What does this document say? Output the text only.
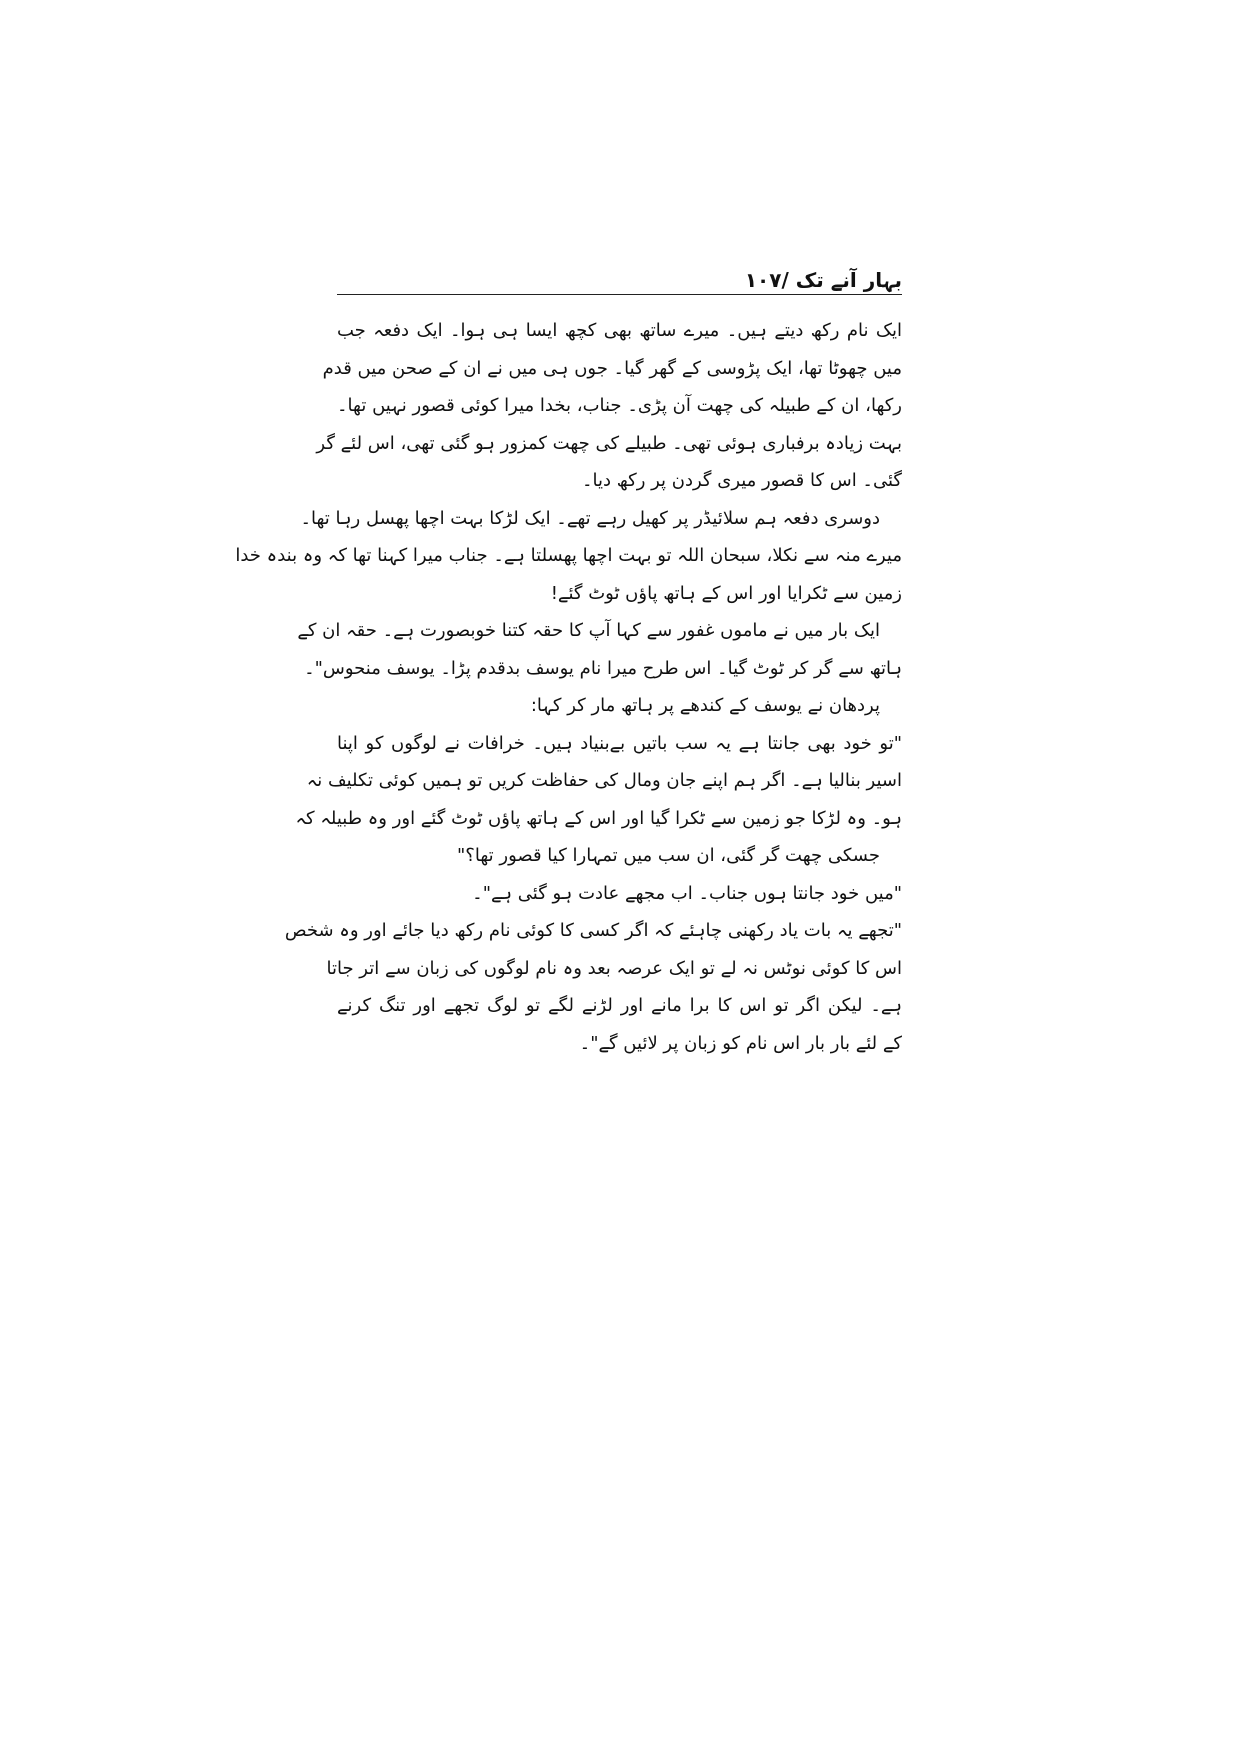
بہار آنے تک /۱۰۷
ایک نام رکھ دیتے ہیں۔ میرے ساتھ بھی کچھ ایسا ہی ہوا۔ ایک دفعہ جب
میں چھوٹا تھا، ایک پڑوسی کے گھر گیا۔ جوں ہی میں نے ان کے صحن میں قدم
رکھا، ان کے طبیلہ کی چھت آن پڑی۔ جناب، بخدا میرا کوئی قصور نہیں تھا۔
بہت زیادہ برفباری ہوئی تھی۔ طبیلے کی چھت کمزور ہو گئی تھی، اس لئے گر
گئی۔ اس کا قصور میری گردن پر رکھ دیا۔
دوسری دفعہ ہم سلائیڈر پر کھیل رہے تھے۔ ایک لڑکا بہت اچھا پھسل رہا تھا۔
میرے منہ سے نکلا، سبحان اللہ تو بہت اچھا پھسلتا ہے۔ جناب میرا کہنا تھا کہ وہ بندہ خدا
زمین سے ٹکرایا اور اس کے ہاتھ پاؤں ٹوٹ گئے!
ایک بار میں نے ماموں غفور سے کہا آپ کا حقہ کتنا خوبصورت ہے۔ حقہ ان کے
ہاتھ سے گر کر ٹوٹ گیا۔ اس طرح میرا نام یوسف بدقدم پڑا۔ یوسف منحوس"۔
پردھان نے یوسف کے کندھے پر ہاتھ مار کر کہا:
"تو خود بھی جانتا ہے یہ سب باتیں بےبنیاد ہیں۔ خرافات نے لوگوں کو اپنا
اسیر بنالیا ہے۔ اگر ہم اپنے جان ومال کی حفاظت کریں تو ہمیں کوئی تکلیف نہ
ہو۔ وہ لڑکا جو زمین سے ٹکرا گیا اور اس کے ہاتھ پاؤں ٹوٹ گئے اور وہ طبیلہ کہ
جسکی چھت گر گئی، ان سب میں تمہارا کیا قصور تھا؟"
"میں خود جانتا ہوں جناب۔ اب مجھے عادت ہو گئی ہے"۔
"تجھے یہ بات یاد رکھنی چاہئے کہ اگر کسی کا کوئی نام رکھ دیا جائے اور وہ شخص
اس کا کوئی نوٹس نہ لے تو ایک عرصہ بعد وہ نام لوگوں کی زبان سے اتر جاتا
ہے۔ لیکن اگر تو اس کا برا مانے اور لڑنے لگے تو لوگ تجھے اور تنگ کرنے
کے لئے بار بار اس نام کو زبان پر لائیں گے"۔
